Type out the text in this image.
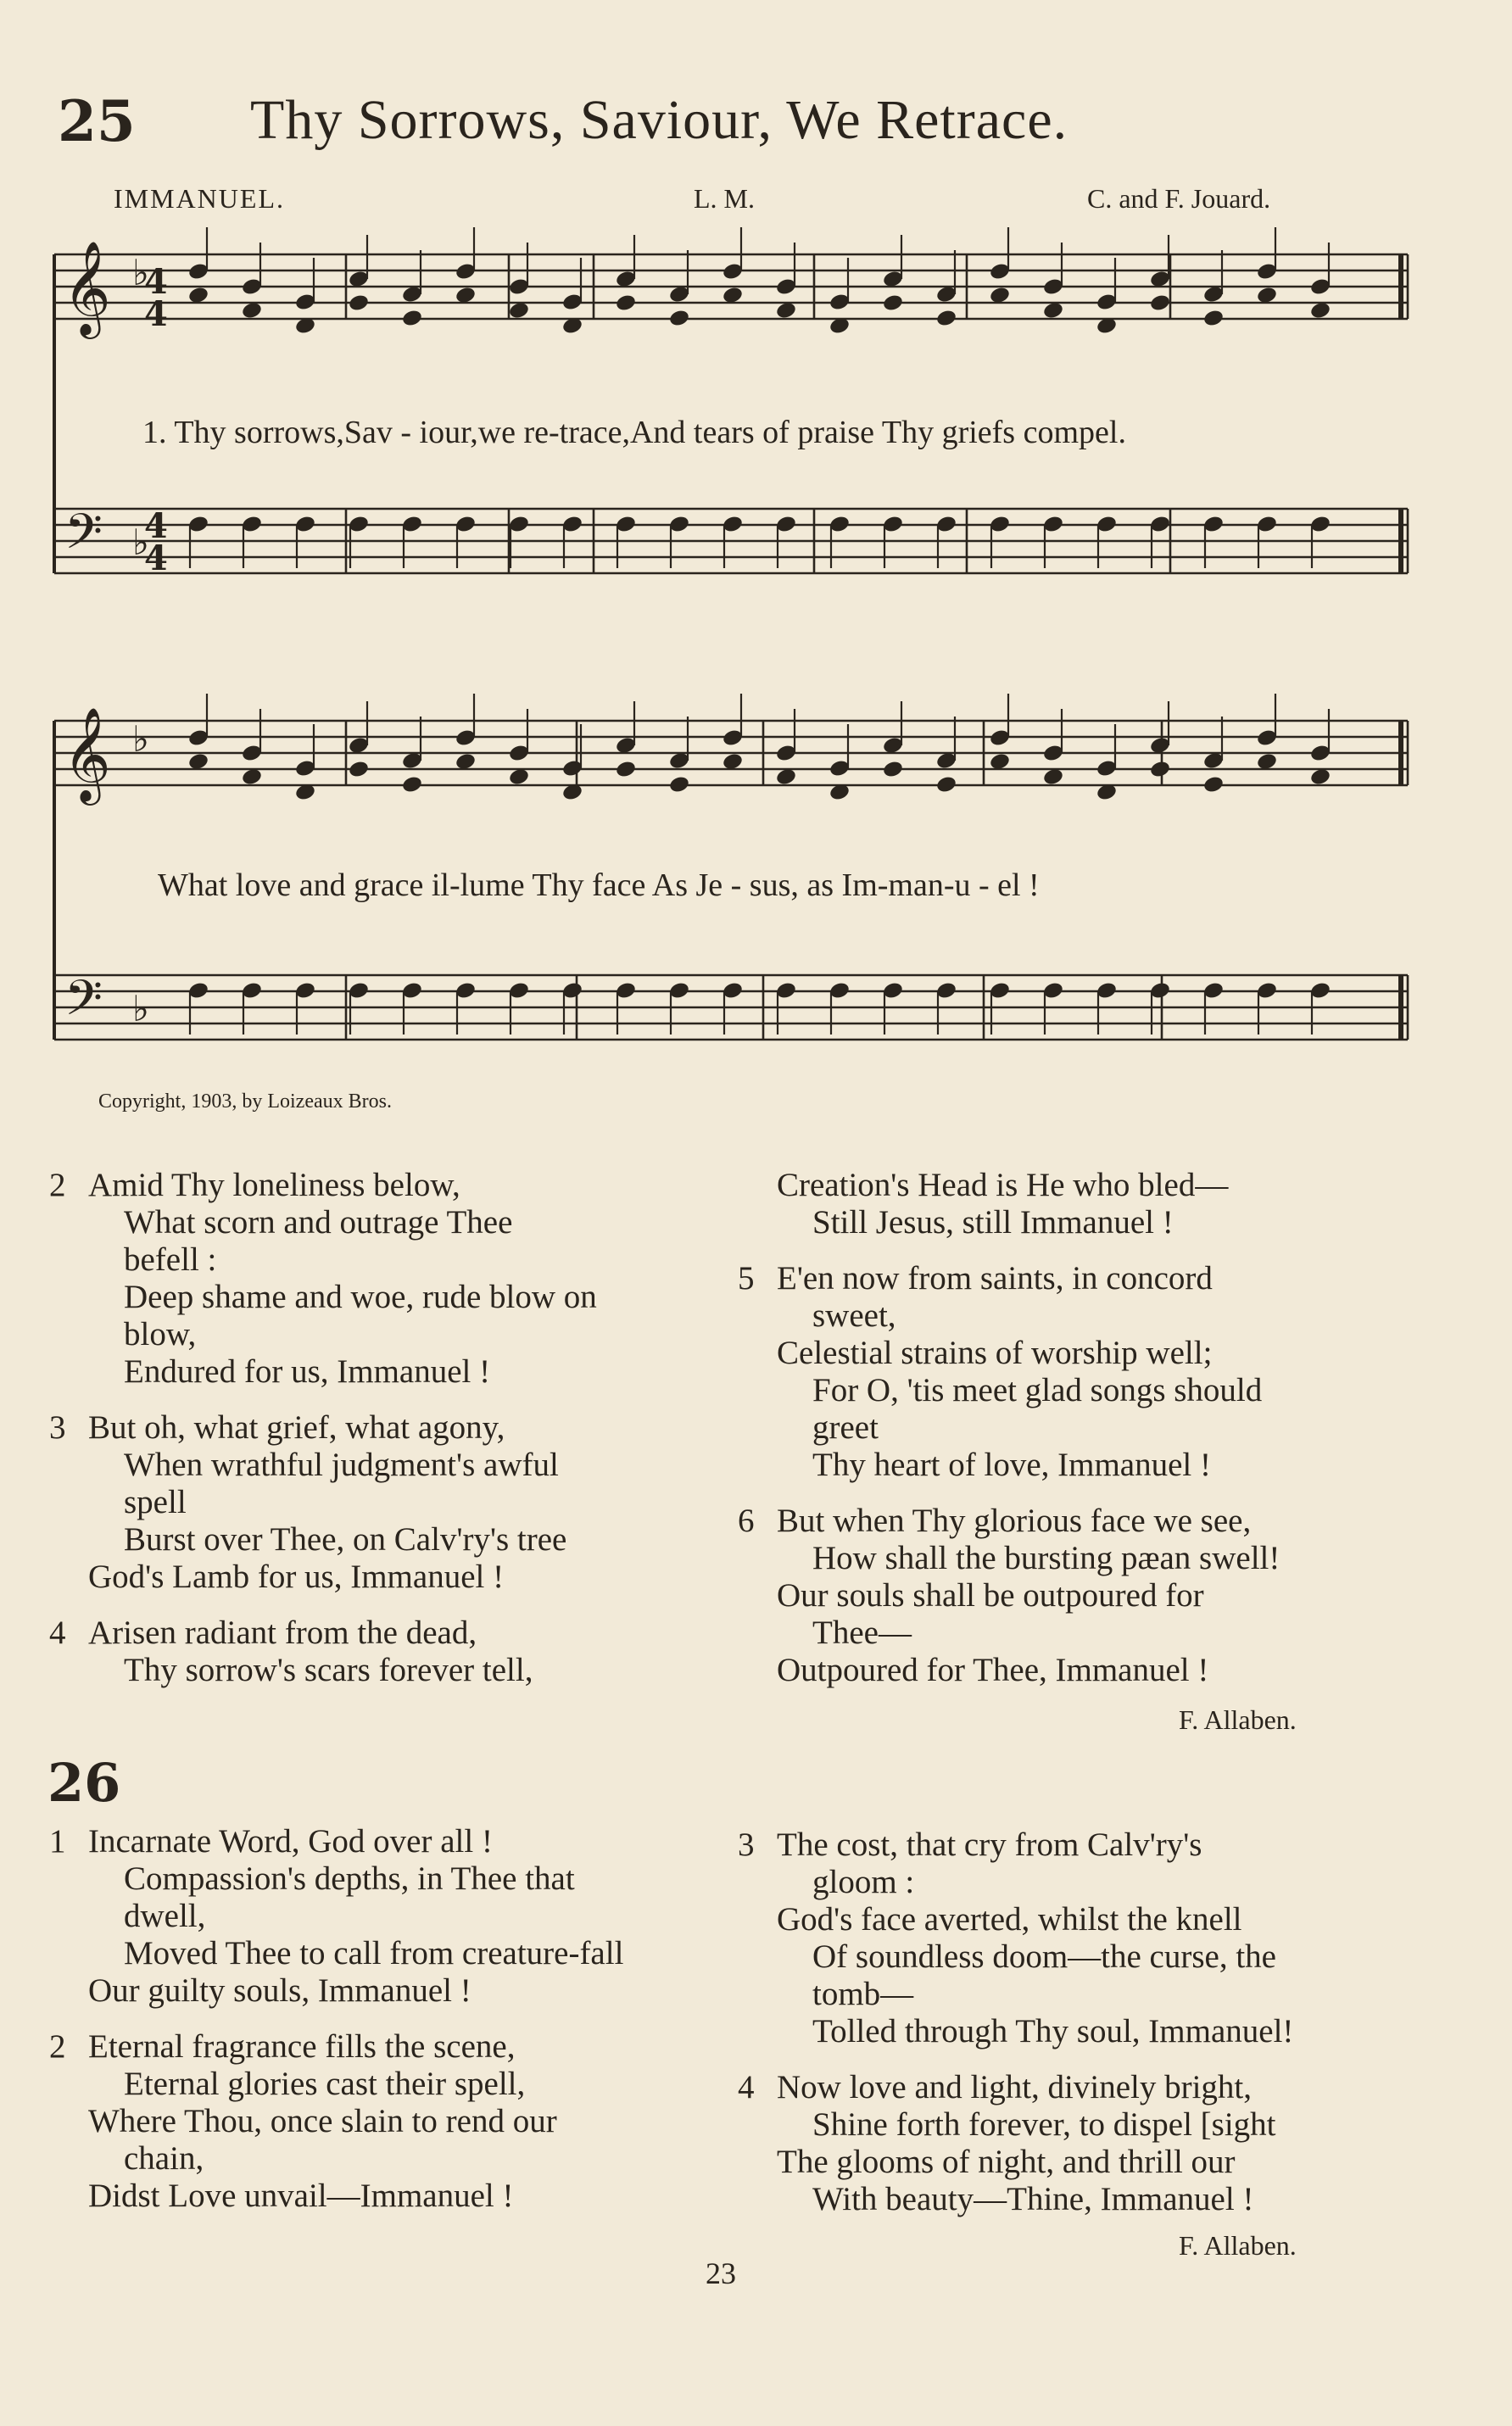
25 Thy Sorrows, Saviour, We Retrace.
IMMANUEL.	L. M.	C. and F. Jouard.
𝄞
𝄢
♭
♭
𝄞
𝄢
♭
♭
4
4
4
4
1. Thy sorrows,Sav - iour,we re-trace,And tears of praise Thy griefs compel.
What love and grace il-lume Thy face As Je - sus, as Im-man-u - el !
Copyright, 1903, by Loizeaux Bros.
2 Amid Thy loneliness below,
What scorn and outrage Thee
befell :
Deep shame and woe, rude blow on
blow,
Endured for us, Immanuel !
3 But oh, what grief, what agony,
When wrathful judgment's awful
spell
Burst over Thee, on Calv'ry's tree
God's Lamb for us, Immanuel !
4 Arisen radiant from the dead,
Thy sorrow's scars forever tell,
Creation's Head is He who bled—
Still Jesus, still Immanuel !
5 E'en now from saints, in concord
sweet,
Celestial strains of worship well;
For O, 'tis meet glad songs should
greet
Thy heart of love, Immanuel !
6 But when Thy glorious face we see,
How shall the bursting pæan swell!
Our souls shall be outpoured for
Thee—
Outpoured for Thee, Immanuel !
F. Allaben.
26
1 Incarnate Word, God over all !
Compassion's depths, in Thee that
dwell,
Moved Thee to call from creature-fall
Our guilty souls, Immanuel !
2 Eternal fragrance fills the scene,
Eternal glories cast their spell,
Where Thou, once slain to rend our
chain,
Didst Love unvail—Immanuel !
3 The cost, that cry from Calv'ry's
gloom :
God's face averted, whilst the knell
Of soundless doom—the curse, the
tomb—
Tolled through Thy soul, Immanuel!
4 Now love and light, divinely bright,
Shine forth forever, to dispel [sight
The glooms of night, and thrill our
With beauty—Thine, Immanuel !
F. Allaben.
23
